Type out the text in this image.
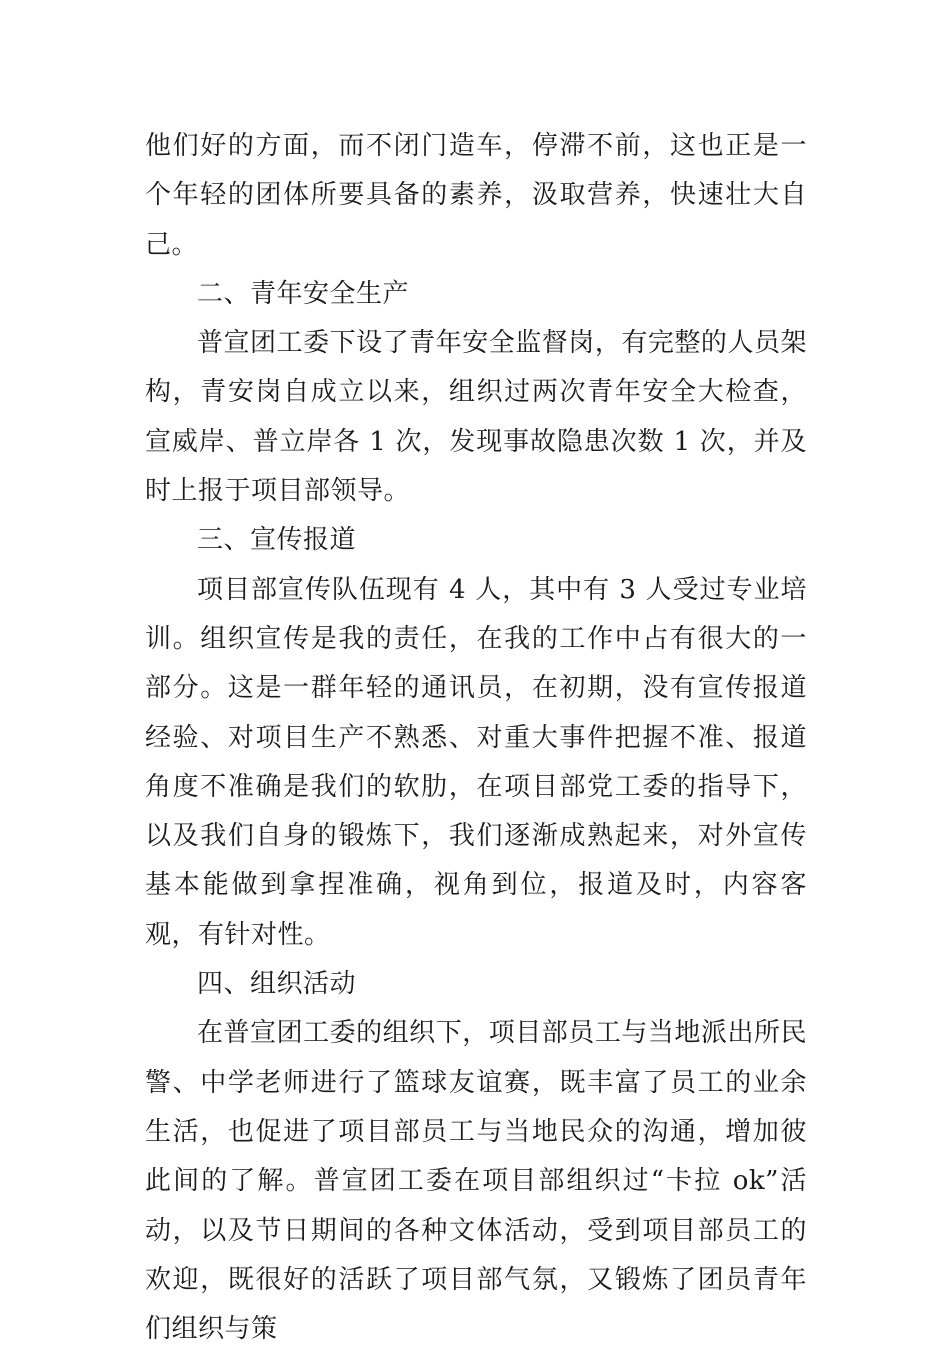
他们好的方面，而不闭门造车，停滞不前，这也正是一个年轻的团体所要具备的素养，汲取营养，快速壮大自己。

二、青年安全生产

普宣团工委下设了青年安全监督岗，有完整的人员架构，青安岗自成立以来，组织过两次青年安全大检查，宣威岸、普立岸各 1 次，发现事故隐患次数 1 次，并及时上报于项目部领导。

三、宣传报道

项目部宣传队伍现有 4 人，其中有 3 人受过专业培训。组织宣传是我的责任，在我的工作中占有很大的一部分。这是一群年轻的通讯员，在初期，没有宣传报道经验、对项目生产不熟悉、对重大事件把握不准、报道角度不准确是我们的软肋，在项目部党工委的指导下，以及我们自身的锻炼下，我们逐渐成熟起来，对外宣传基本能做到拿捏准确，视角到位，报道及时，内容客观，有针对性。

四、组织活动

在普宣团工委的组织下，项目部员工与当地派出所民警、中学老师进行了篮球友谊赛，既丰富了员工的业余生活，也促进了项目部员工与当地民众的沟通，增加彼此间的了解。普宣团工委在项目部组织过“卡拉 ok”活动，以及节日期间的各种文体活动，受到项目部员工的欢迎，既很好的活跃了项目部气氛，又锻炼了团员青年们组织与策
